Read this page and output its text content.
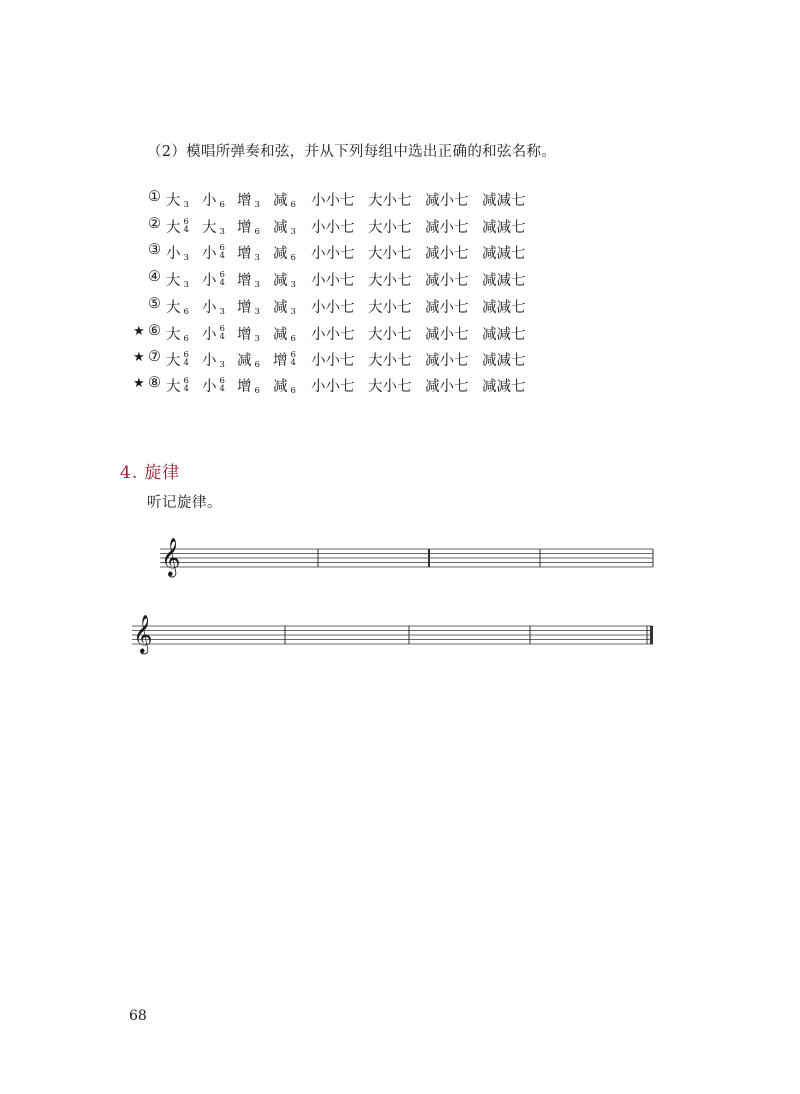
（2）模唱所弹奏和弦，并从下列每组中选出正确的和弦名称。
① 大 3 小 6 增 3 减 6 小小七 大小七 减小七 减减七
② 大 6
4 大 3 增 6 减 3 小小七 大小七 减小七 减减七
③ 小 3 小 6
4 增 3 减 6 小小七 大小七 减小七 减减七
④ 大 3 小 6
4 增 3 减 3 小小七 大小七 减小七 减减七
⑤ 大 6 小 3 增 3 减 3 小小七 大小七 减小七 减减七
★ ⑥ 大 6 小 6
4 增 3 减 6 小小七 大小七 减小七 减减七
★ ⑦ 大 6
4 小 3 减 6 增 6
4 小小七 大小七 减小七 减减七
★ ⑧ 大 6
4 小 6
4 增 6 减 6 小小七 大小七 减小七 减减七
4. 旋律
听记旋律。
𝄞
𝄞
68
